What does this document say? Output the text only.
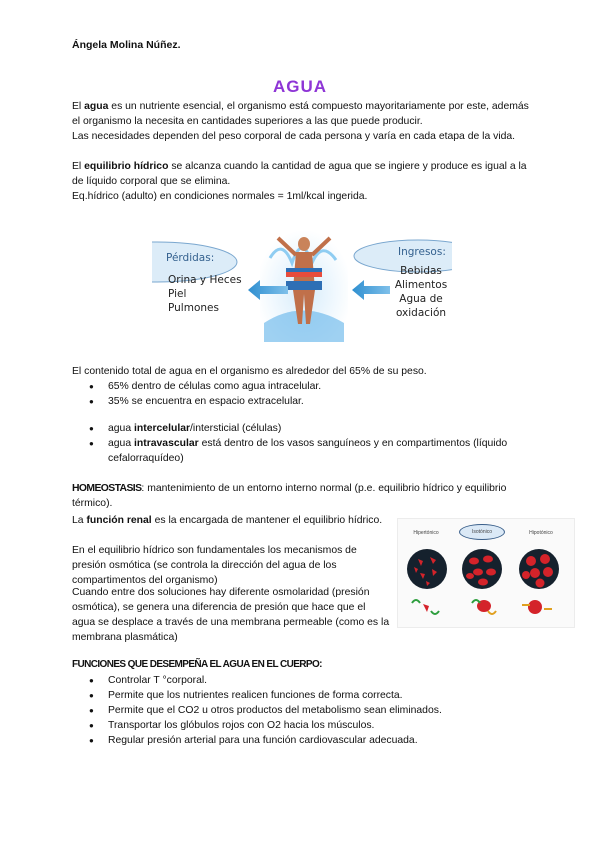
Ángela Molina Núñez.
AGUA
El agua es un nutriente esencial, el organismo está compuesto mayoritariamente por este, además el organismo la necesita en cantidades superiores a las que puede producir.
Las necesidades dependen del peso corporal de cada persona y varía en cada etapa de la vida.
El equilibrio hídrico se alcanza cuando la cantidad de agua que se ingiere y produce es igual a la de líquido corporal que se elimina.
Eq.hídrico (adulto) en condiciones normales = 1ml/kcal ingerida.
Pérdidas:
Orina y Heces
Piel
Pulmones
Ingresos:
Bebidas
Alimentos
Agua de
oxidación
El contenido total de agua en el organismo es alrededor del 65% de su peso.
● 65% dentro de células como agua intracelular.
● 35% se encuentra en espacio extracelular.
● agua intercelular/intersticial (células)
● agua intravascular está dentro de los vasos sanguíneos y en compartimentos (líquido cefalorraquídeo)
HOMEOSTASIS: mantenimiento de un entorno interno normal (p.e. equilibrio hídrico y equilibrio térmico).
La función renal es la encargada de mantener el equilibrio hídrico.
En el equilibrio hídrico son fundamentales los mecanismos de presión osmótica (se controla la dirección del agua de los compartimentos del organismo)
Cuando entre dos soluciones hay diferente osmolaridad (presión osmótica), se genera una diferencia de presión que hace que el agua se desplace a través de una membrana permeable (como es la membrana plasmática)
Hipertónico	Isotónico	Hipotónico
FUNCIONES QUE DESEMPEÑA EL AGUA EN EL CUERPO:
● Controlar T °corporal.
● Permite que los nutrientes realicen funciones de forma correcta.
● Permite que el CO2 u otros productos del metabolismo sean eliminados.
● Transportar los glóbulos rojos con O2 hacia los músculos.
● Regular presión arterial para una función cardiovascular adecuada.
